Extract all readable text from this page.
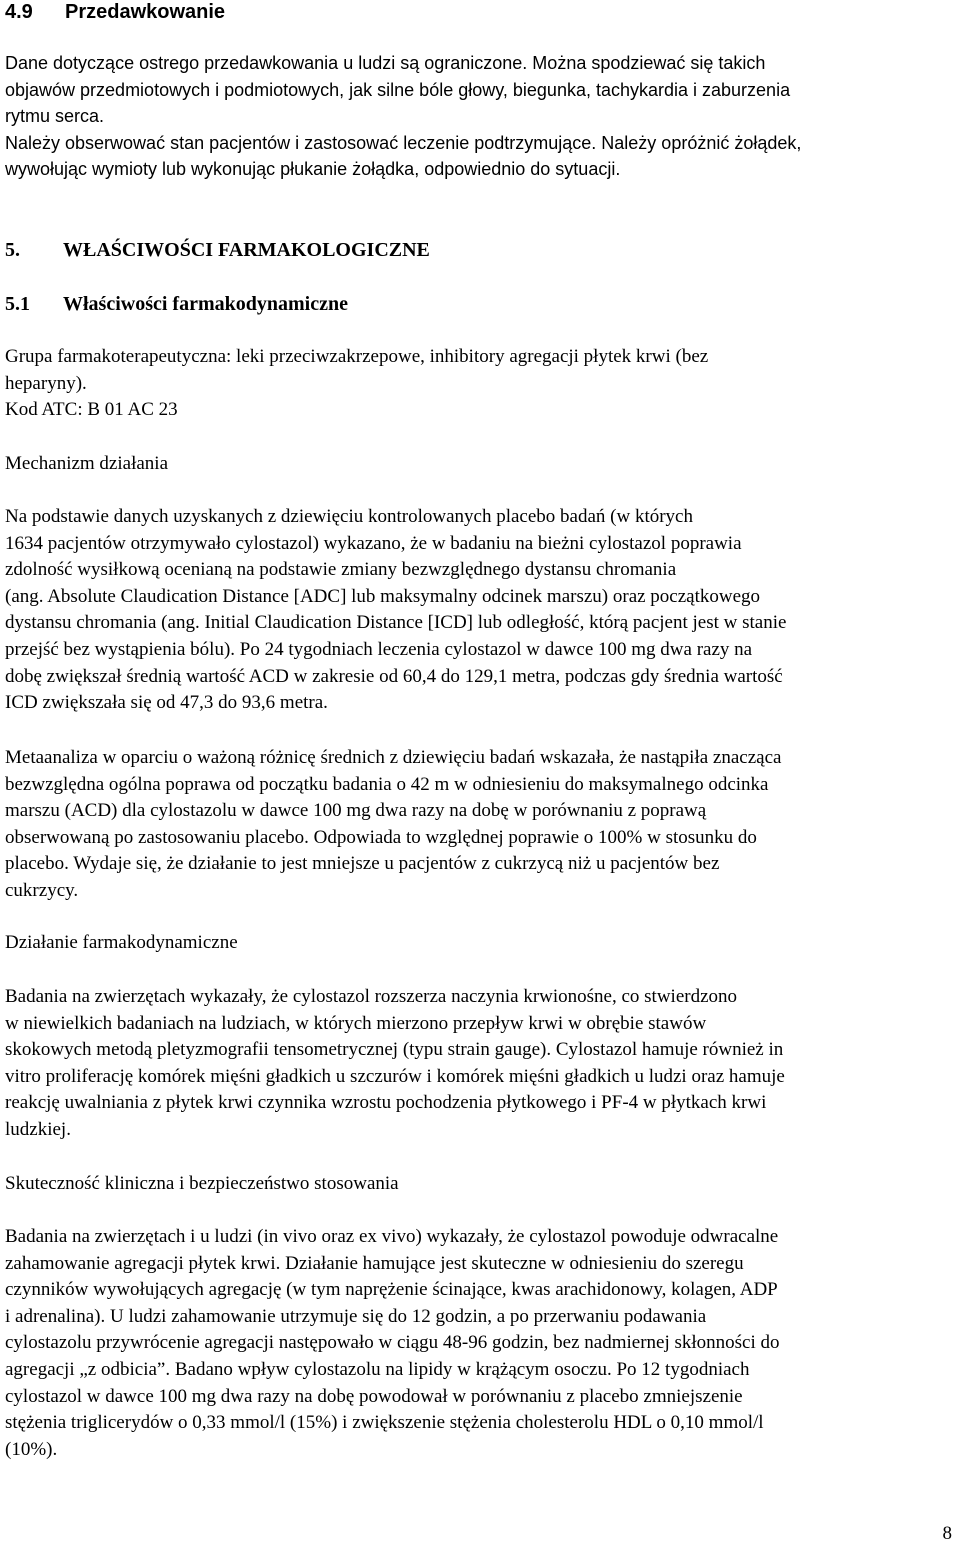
4.9 Przedawkowanie
Dane dotyczące ostrego przedawkowania u ludzi są ograniczone. Można spodziewać się takich
objawów przedmiotowych i podmiotowych, jak silne bóle głowy, biegunka, tachykardia i zaburzenia
rytmu serca.
Należy obserwować stan pacjentów i zastosować leczenie podtrzymujące. Należy opróżnić żołądek,
wywołując wymioty lub wykonując płukanie żołądka, odpowiednio do sytuacji.
5. WŁAŚCIWOŚCI FARMAKOLOGICZNE
5.1 Właściwości farmakodynamiczne
Grupa farmakoterapeutyczna: leki przeciwzakrzepowe, inhibitory agregacji płytek krwi (bez
heparyny).
Kod ATC: B 01 AC 23
Mechanizm działania
Na podstawie danych uzyskanych z dziewięciu kontrolowanych placebo badań (w których
1634 pacjentów otrzymywało cylostazol) wykazano, że w badaniu na bieżni cylostazol poprawia
zdolność wysiłkową ocenianą na podstawie zmiany bezwzględnego dystansu chromania
(ang. Absolute Claudication Distance [ADC] lub maksymalny odcinek marszu) oraz początkowego
dystansu chromania (ang. Initial Claudication Distance [ICD] lub odległość, którą pacjent jest w stanie
przejść bez wystąpienia bólu). Po 24 tygodniach leczenia cylostazol w dawce 100 mg dwa razy na
dobę zwiększał średnią wartość ACD w zakresie od 60,4 do 129,1 metra, podczas gdy średnia wartość
ICD zwiększała się od 47,3 do 93,6 metra.
Metaanaliza w oparciu o ważoną różnicę średnich z dziewięciu badań wskazała, że nastąpiła znacząca
bezwzględna ogólna poprawa od początku badania o 42 m w odniesieniu do maksymalnego odcinka
marszu (ACD) dla cylostazolu w dawce 100 mg dwa razy na dobę w porównaniu z poprawą
obserwowaną po zastosowaniu placebo. Odpowiada to względnej poprawie o 100% w stosunku do
placebo. Wydaje się, że działanie to jest mniejsze u pacjentów z cukrzycą niż u pacjentów bez
cukrzycy.
Działanie farmakodynamiczne
Badania na zwierzętach wykazały, że cylostazol rozszerza naczynia krwionośne, co stwierdzono
w niewielkich badaniach na ludziach, w których mierzono przepływ krwi w obrębie stawów
skokowych metodą pletyzmografii tensometrycznej (typu strain gauge). Cylostazol hamuje również in
vitro proliferację komórek mięśni gładkich u szczurów i komórek mięśni gładkich u ludzi oraz hamuje
reakcję uwalniania z płytek krwi czynnika wzrostu pochodzenia płytkowego i PF-4 w płytkach krwi
ludzkiej.
Skuteczność kliniczna i bezpieczeństwo stosowania
Badania na zwierzętach i u ludzi (in vivo oraz ex vivo) wykazały, że cylostazol powoduje odwracalne
zahamowanie agregacji płytek krwi. Działanie hamujące jest skuteczne w odniesieniu do szeregu
czynników wywołujących agregację (w tym naprężenie ścinające, kwas arachidonowy, kolagen, ADP
i adrenalina). U ludzi zahamowanie utrzymuje się do 12 godzin, a po przerwaniu podawania
cylostazolu przywrócenie agregacji następowało w ciągu 48-96 godzin, bez nadmiernej skłonności do
agregacji „z odbicia”. Badano wpływ cylostazolu na lipidy w krążącym osoczu. Po 12 tygodniach
cylostazol w dawce 100 mg dwa razy na dobę powodował w porównaniu z placebo zmniejszenie
stężenia triglicerydów o 0,33 mmol/l (15%) i zwiększenie stężenia cholesterolu HDL o 0,10 mmol/l
(10%).
8
